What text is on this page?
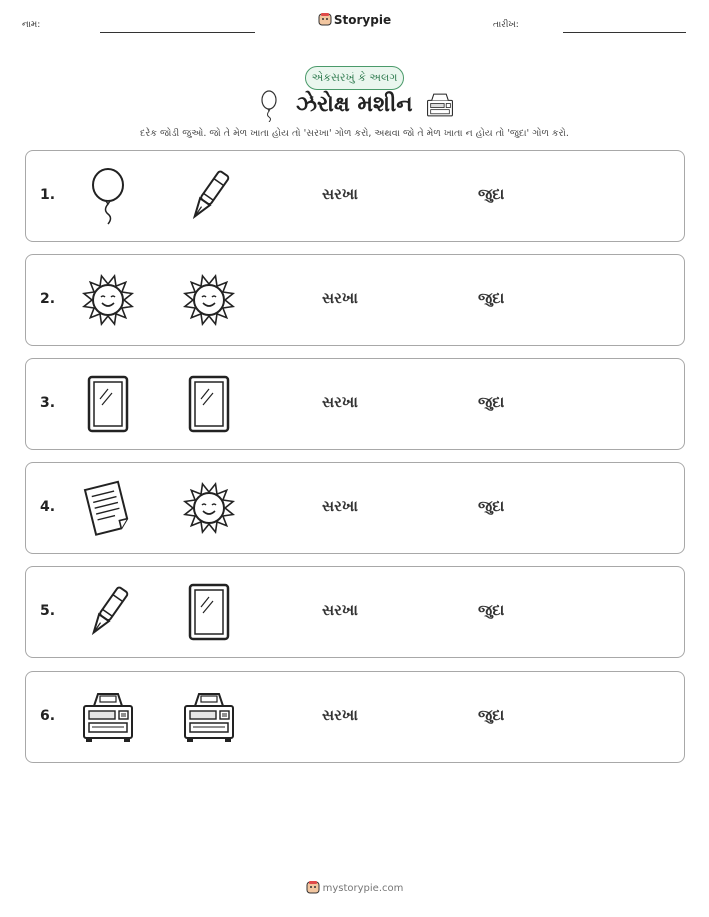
નામ:	Storypie	તારીખ:
એકસરખું કે અલગ
ઝેરોક્ષ મશીન
દરેક જોડી જુઓ. જો તે મેળ ખાતા હોય તો 'સરખા' ગોળ કરો, અથવા જો તે મેળ ખાતા ન હોય તો 'જુદા' ગોળ કરો.
1.	સરખા	જુદા
2.	સરખા	જુદા
3.	સરખા	જુદા
4.	સરખા	જુદા
5.	સરખા	જુદા
6.	સરખા	જુદા
mystorypie.com
